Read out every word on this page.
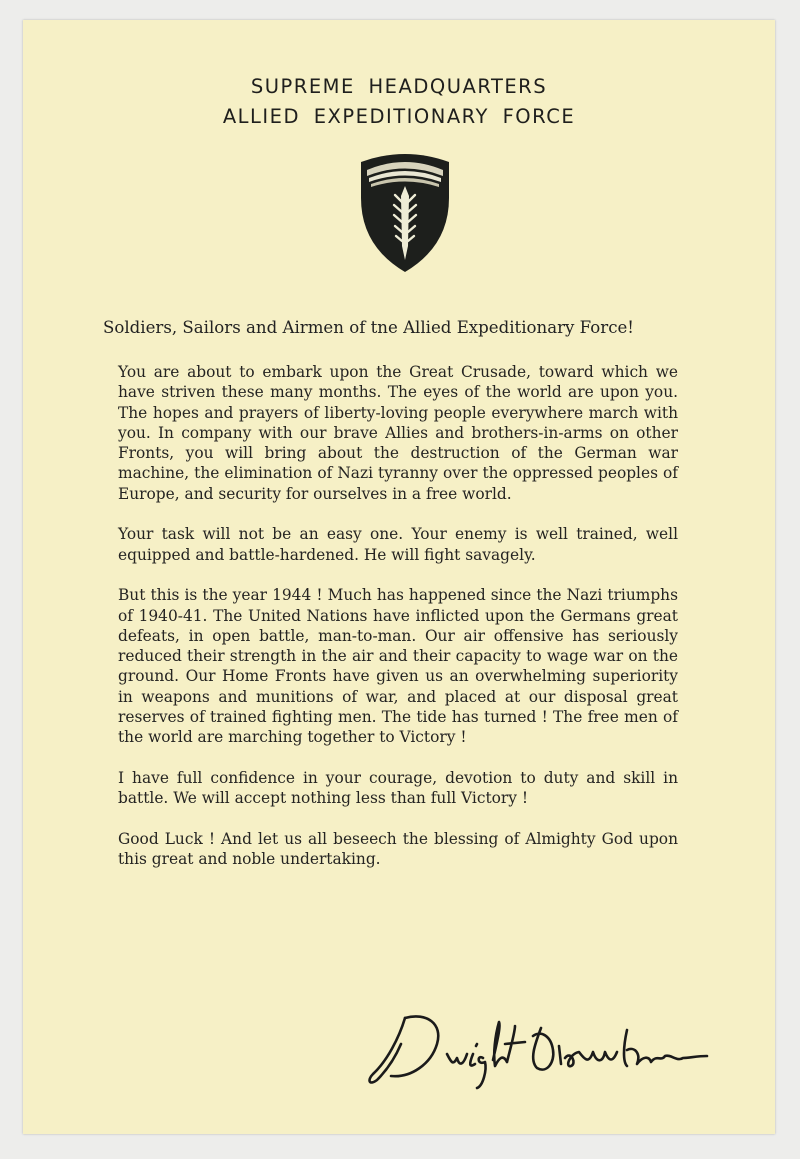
SUPREME HEADQUARTERS
ALLIED EXPEDITIONARY FORCE
Soldiers, Sailors and Airmen of tne Allied Expeditionary Force!

You are about to embark upon the Great Crusade, toward which we have striven these many months. The eyes of the world are upon you. The hopes and prayers of liberty-loving people everywhere march with you. In company with our brave Allies and brothers-in-arms on other Fronts, you will bring about the destruction of the German war machine, the elimination of Nazi tyranny over the oppressed peoples of Europe, and security for ourselves in a free world.

Your task will not be an easy one. Your enemy is well trained, well equipped and battle-hardened. He will fight savagely.

But this is the year 1944 ! Much has happened since the Nazi triumphs of 1940-41. The United Nations have inflicted upon the Germans great defeats, in open battle, man-to-man. Our air offensive has seriously reduced their strength in the air and their capacity to wage war on the ground. Our Home Fronts have given us an overwhelming superiority in weapons and munitions of war, and placed at our disposal great reserves of trained fighting men. The tide has turned ! The free men of the world are marching together to Victory !

I have full confidence in your courage, devotion to duty and skill in battle. We will accept nothing less than full Victory !

Good Luck ! And let us all beseech the blessing of Almighty God upon this great and noble undertaking.
